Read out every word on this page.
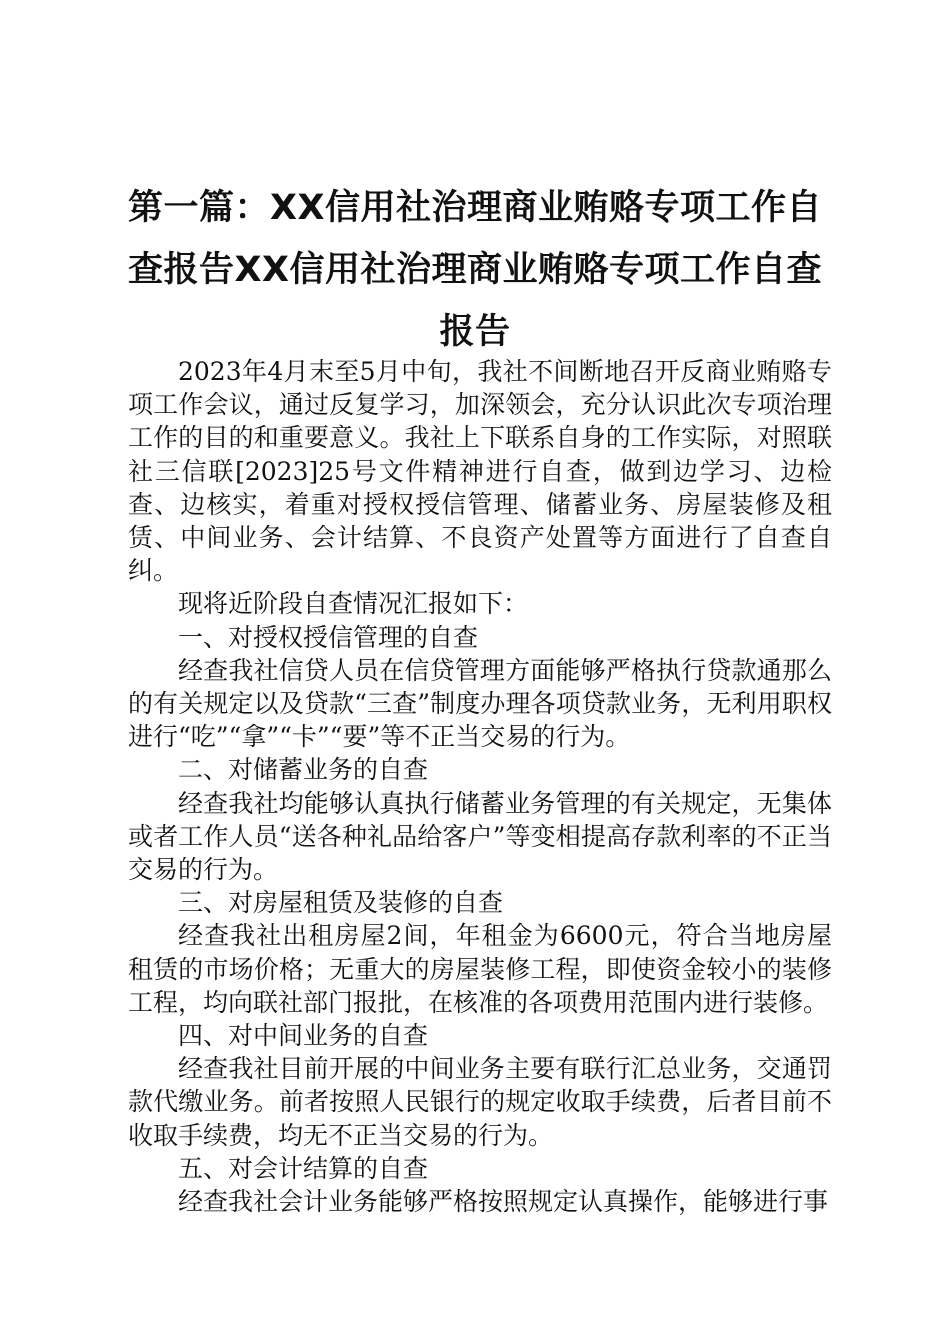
第一篇：XX信用社治理商业贿赂专项工作自查报告XX信用社治理商业贿赂专项工作自查报告

2023年4月末至5月中旬，我社不间断地召开反商业贿赂专项工作会议，通过反复学习，加深领会，充分认识此次专项治理工作的目的和重要意义。我社上下联系自身的工作实际，对照联社三信联[2023]25号文件精神进行自查，做到边学习、边检查、边核实，着重对授权授信管理、储蓄业务、房屋装修及租赁、中间业务、会计结算、不良资产处置等方面进行了自查自纠。

现将近阶段自查情况汇报如下：

一、对授权授信管理的自查

经查我社信贷人员在信贷管理方面能够严格执行贷款通那么的有关规定以及贷款“三查”制度办理各项贷款业务，无利用职权进行“吃”“拿”“卡”“要”等不正当交易的行为。

二、对储蓄业务的自查

经查我社均能够认真执行储蓄业务管理的有关规定，无集体或者工作人员“送各种礼品给客户”等变相提高存款利率的不正当交易的行为。

三、对房屋租赁及装修的自查

经查我社出租房屋2间，年租金为6600元，符合当地房屋租赁的市场价格；无重大的房屋装修工程，即使资金较小的装修工程，均向联社部门报批，在核准的各项费用范围内进行装修。

四、对中间业务的自查

经查我社目前开展的中间业务主要有联行汇总业务，交通罚款代缴业务。前者按照人民银行的规定收取手续费，后者目前不收取手续费，均无不正当交易的行为。

五、对会计结算的自查

经查我社会计业务能够严格按照规定认真操作，能够进行事
